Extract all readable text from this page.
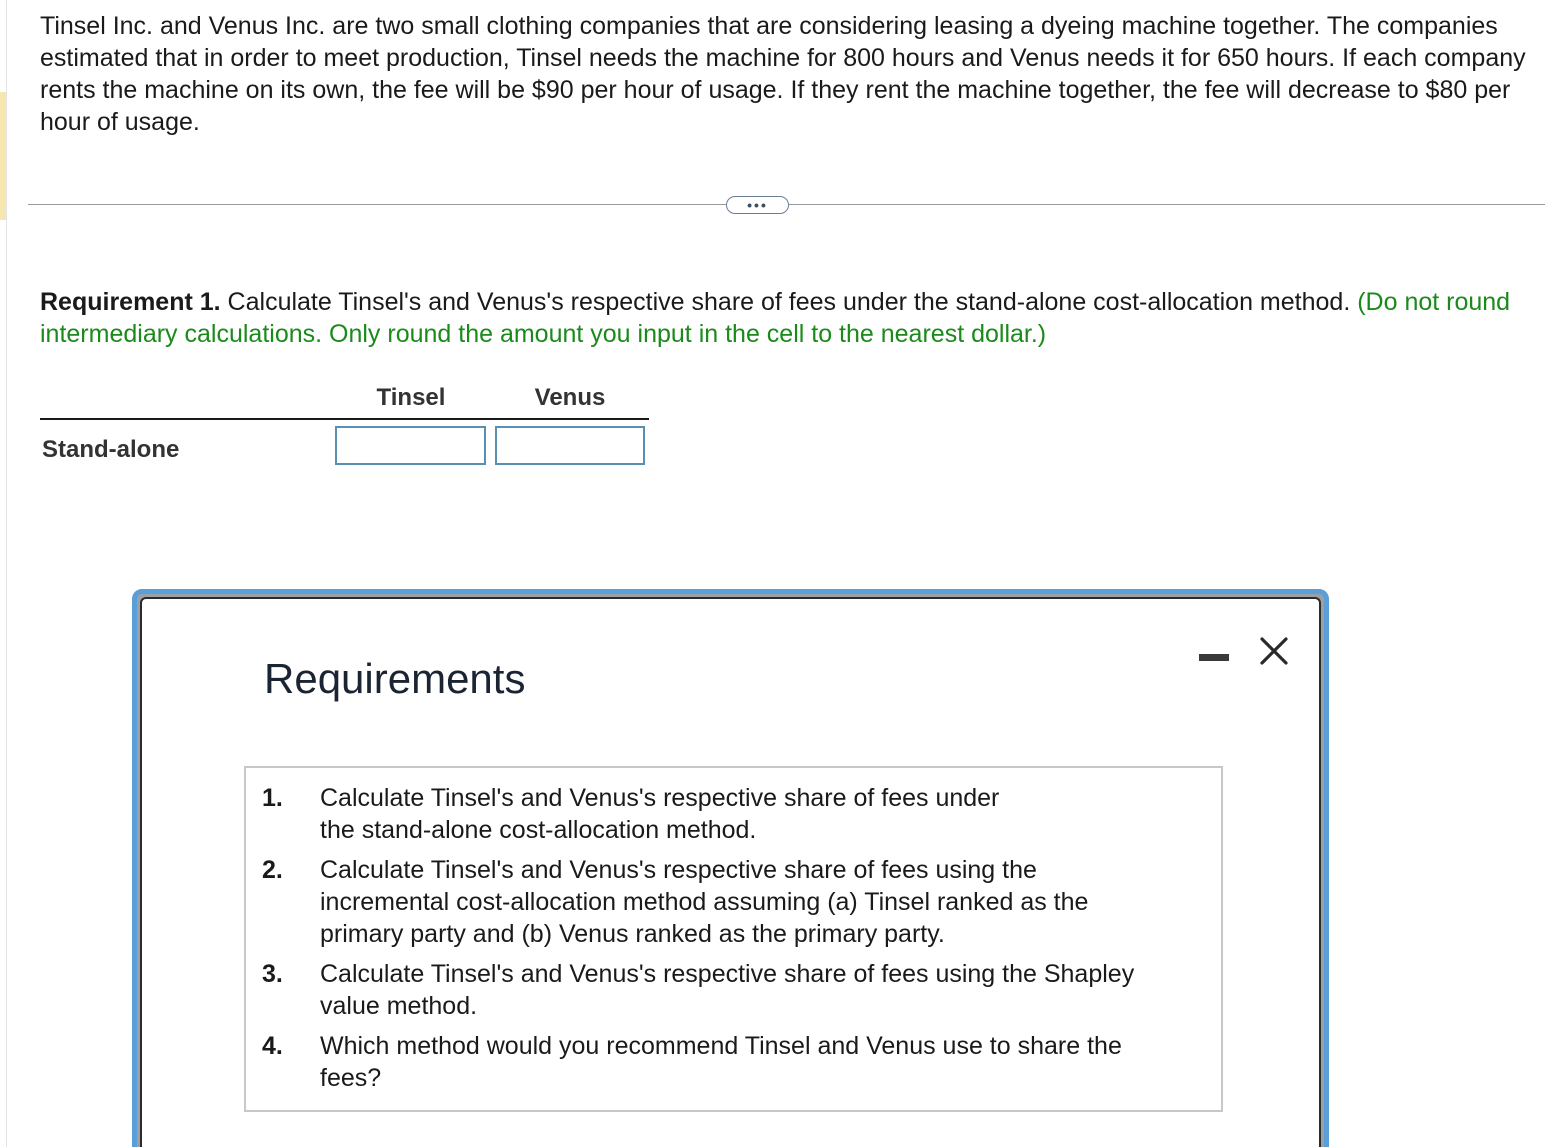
Tinsel Inc. and Venus Inc. are two small clothing companies that are considering leasing a dyeing machine together. The companies estimated that in order to meet production, Tinsel needs the machine for 800 hours and Venus needs it for 650 hours. If each company rents the machine on its own, the fee will be $90 per hour of usage. If they rent the machine together, the fee will decrease to $80 per hour of usage.

•••

Requirement 1. Calculate Tinsel's and Venus's respective share of fees under the stand-alone cost-allocation method. (Do not round intermediary calculations. Only round the amount you input in the cell to the nearest dollar.)

Tinsel	Venus
Stand-alone
Requirements
1.	Calculate Tinsel's and Venus's respective share of fees under the stand-alone cost-allocation method.
2.	Calculate Tinsel's and Venus's respective share of fees using the incremental cost-allocation method assuming (a) Tinsel ranked as the primary party and (b) Venus ranked as the primary party.
3.	Calculate Tinsel's and Venus's respective share of fees using the Shapley value method.
4.	Which method would you recommend Tinsel and Venus use to share the fees?
